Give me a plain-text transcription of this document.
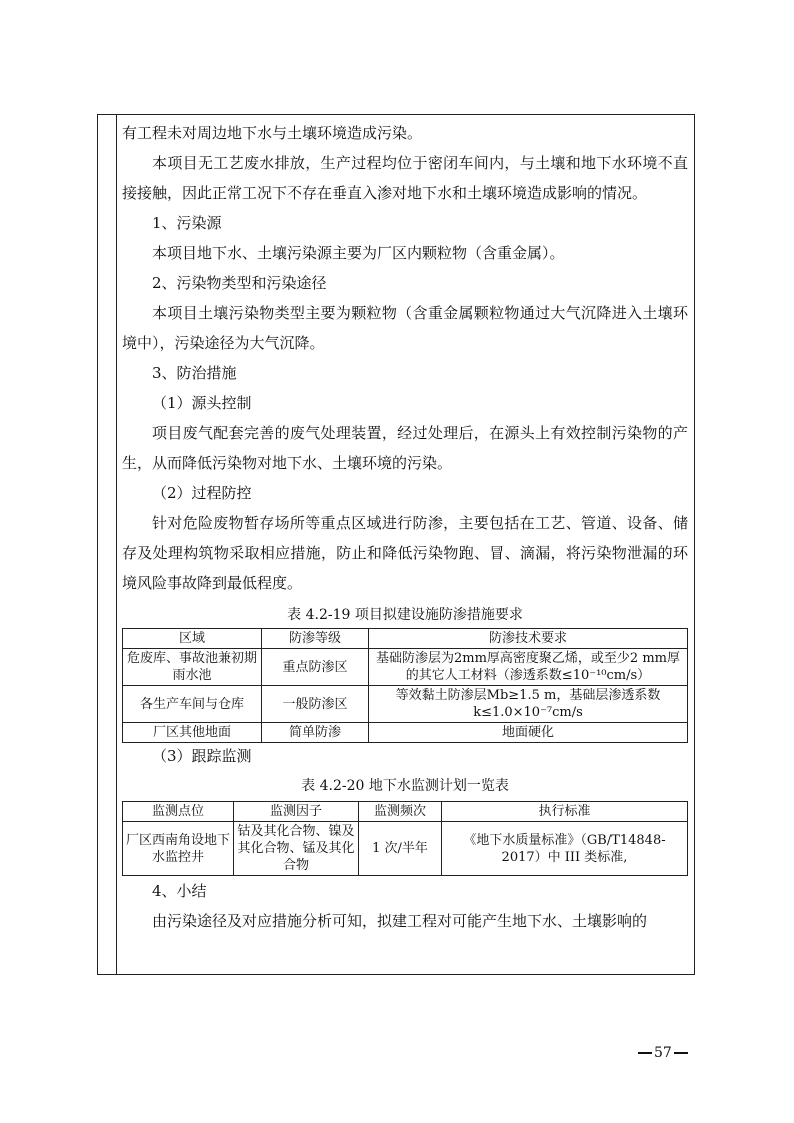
有工程未对周边地下水与土壤环境造成污染。

本项目无工艺废水排放，生产过程均位于密闭车间内，与土壤和地下水环境不直接接触，因此正常工况下不存在垂直入渗对地下水和土壤环境造成影响的情况。

1、污染源

本项目地下水、土壤污染源主要为厂区内颗粒物（含重金属）。

2、污染物类型和污染途径

本项目土壤污染物类型主要为颗粒物（含重金属颗粒物通过大气沉降进入土壤环境中），污染途径为大气沉降。

3、防治措施

（1）源头控制

项目废气配套完善的废气处理装置，经过处理后，在源头上有效控制污染物的产生，从而降低污染物对地下水、土壤环境的污染。

（2）过程防控

针对危险废物暂存场所等重点区域进行防渗，主要包括在工艺、管道、设备、储存及处理构筑物采取相应措施，防止和降低污染物跑、冒、滴漏，将污染物泄漏的环境风险事故降到最低程度。

表 4.2-19 项目拟建设施防渗措施要求

区域	防渗等级	防渗技术要求
危废库、事故池兼初期雨水池	重点防渗区	基础防渗层为2mm厚高密度聚乙烯，或至少2 mm厚的其它人工材料（渗透系数≤10⁻¹⁰cm/s）
各生产车间与仓库	一般防渗区	等效黏土防渗层Mb≥1.5 m，基础层渗透系数k≤1.0×10⁻⁷cm/s
厂区其他地面	简单防渗	地面硬化

（3）跟踪监测

表 4.2-20 地下水监测计划一览表

监测点位	监测因子	监测频次	执行标准
厂区西南角设地下水监控井	钴及其化合物、镍及其化合物、锰及其化合物	1 次/半年	《地下水质量标准》（GB/T14848-2017）中 III 类标准,

4、小结

由污染途径及对应措施分析可知，拟建工程对可能产生地下水、土壤影响的

57
